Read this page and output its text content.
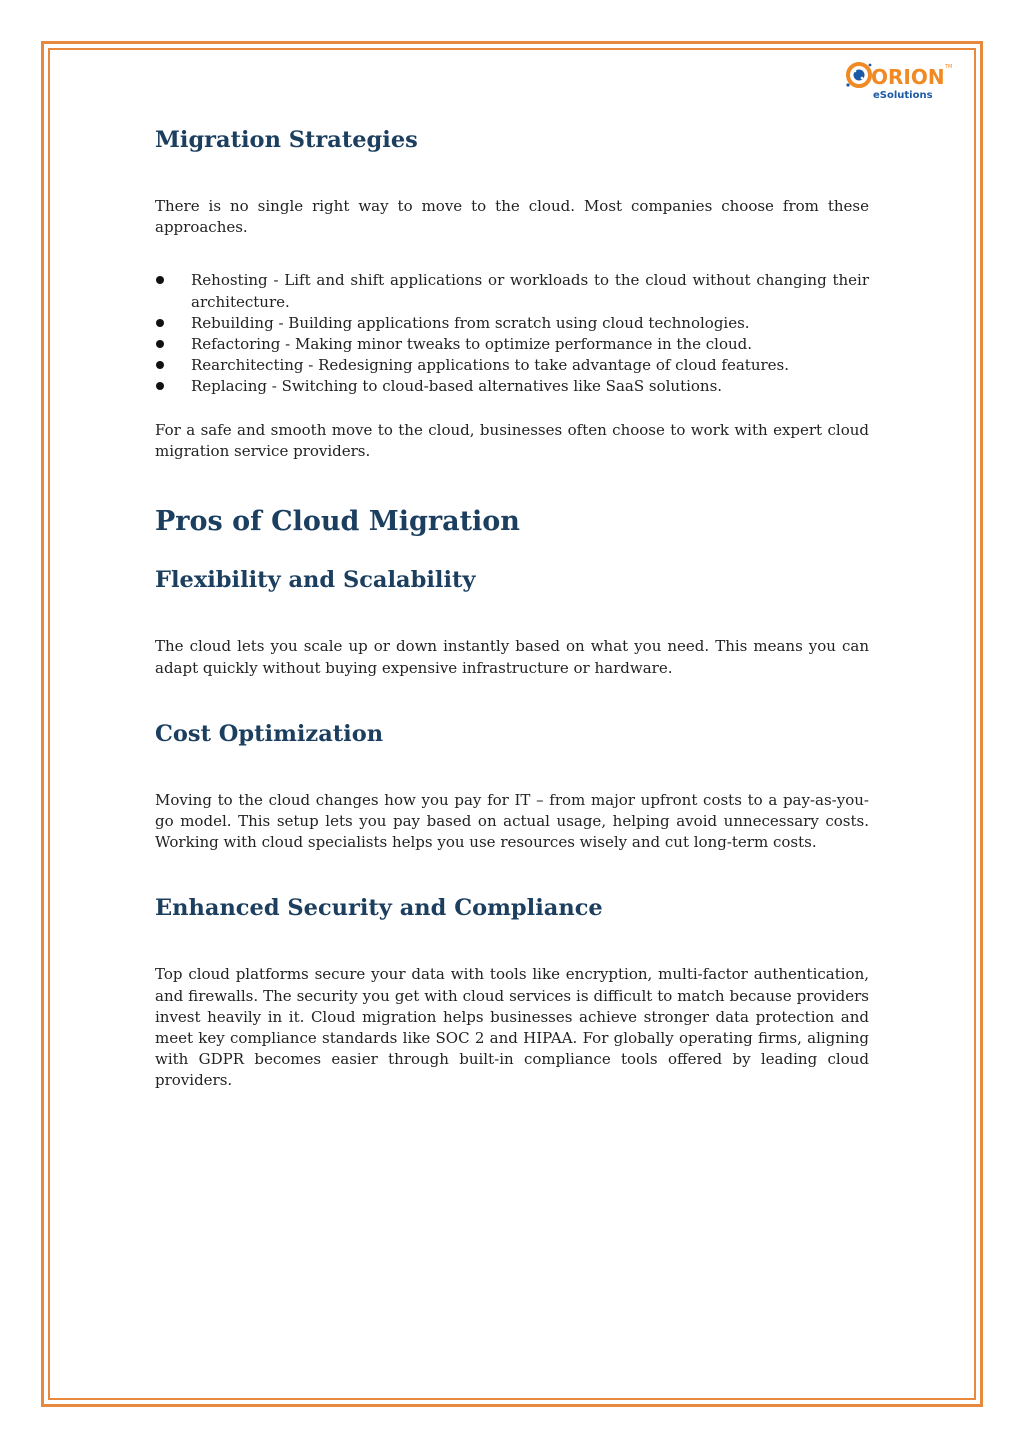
ORION TM
eSolutions
Migration Strategies

There is no single right way to move to the cloud. Most companies choose from these approaches.

Rehosting - Lift and shift applications or workloads to the cloud without changing their architecture.
Rebuilding - Building applications from scratch using cloud technologies.
Refactoring - Making minor tweaks to optimize performance in the cloud.
Rearchitecting - Redesigning applications to take advantage of cloud features.
Replacing - Switching to cloud-based alternatives like SaaS solutions.

For a safe and smooth move to the cloud, businesses often choose to work with expert cloud migration service providers.

Pros of Cloud Migration
Flexibility and Scalability

The cloud lets you scale up or down instantly based on what you need. This means you can adapt quickly without buying expensive infrastructure or hardware.

Cost Optimization

Moving to the cloud changes how you pay for IT – from major upfront costs to a pay-as-you-go model. This setup lets you pay based on actual usage, helping avoid unnecessary costs. Working with cloud specialists helps you use resources wisely and cut long-term costs.

Enhanced Security and Compliance

Top cloud platforms secure your data with tools like encryption, multi-factor authentication, and firewalls. The security you get with cloud services is difficult to match because providers invest heavily in it. Cloud migration helps businesses achieve stronger data protection and meet key compliance standards like SOC 2 and HIPAA. For globally operating firms, aligning with GDPR becomes easier through built-in compliance tools offered by leading cloud providers.
